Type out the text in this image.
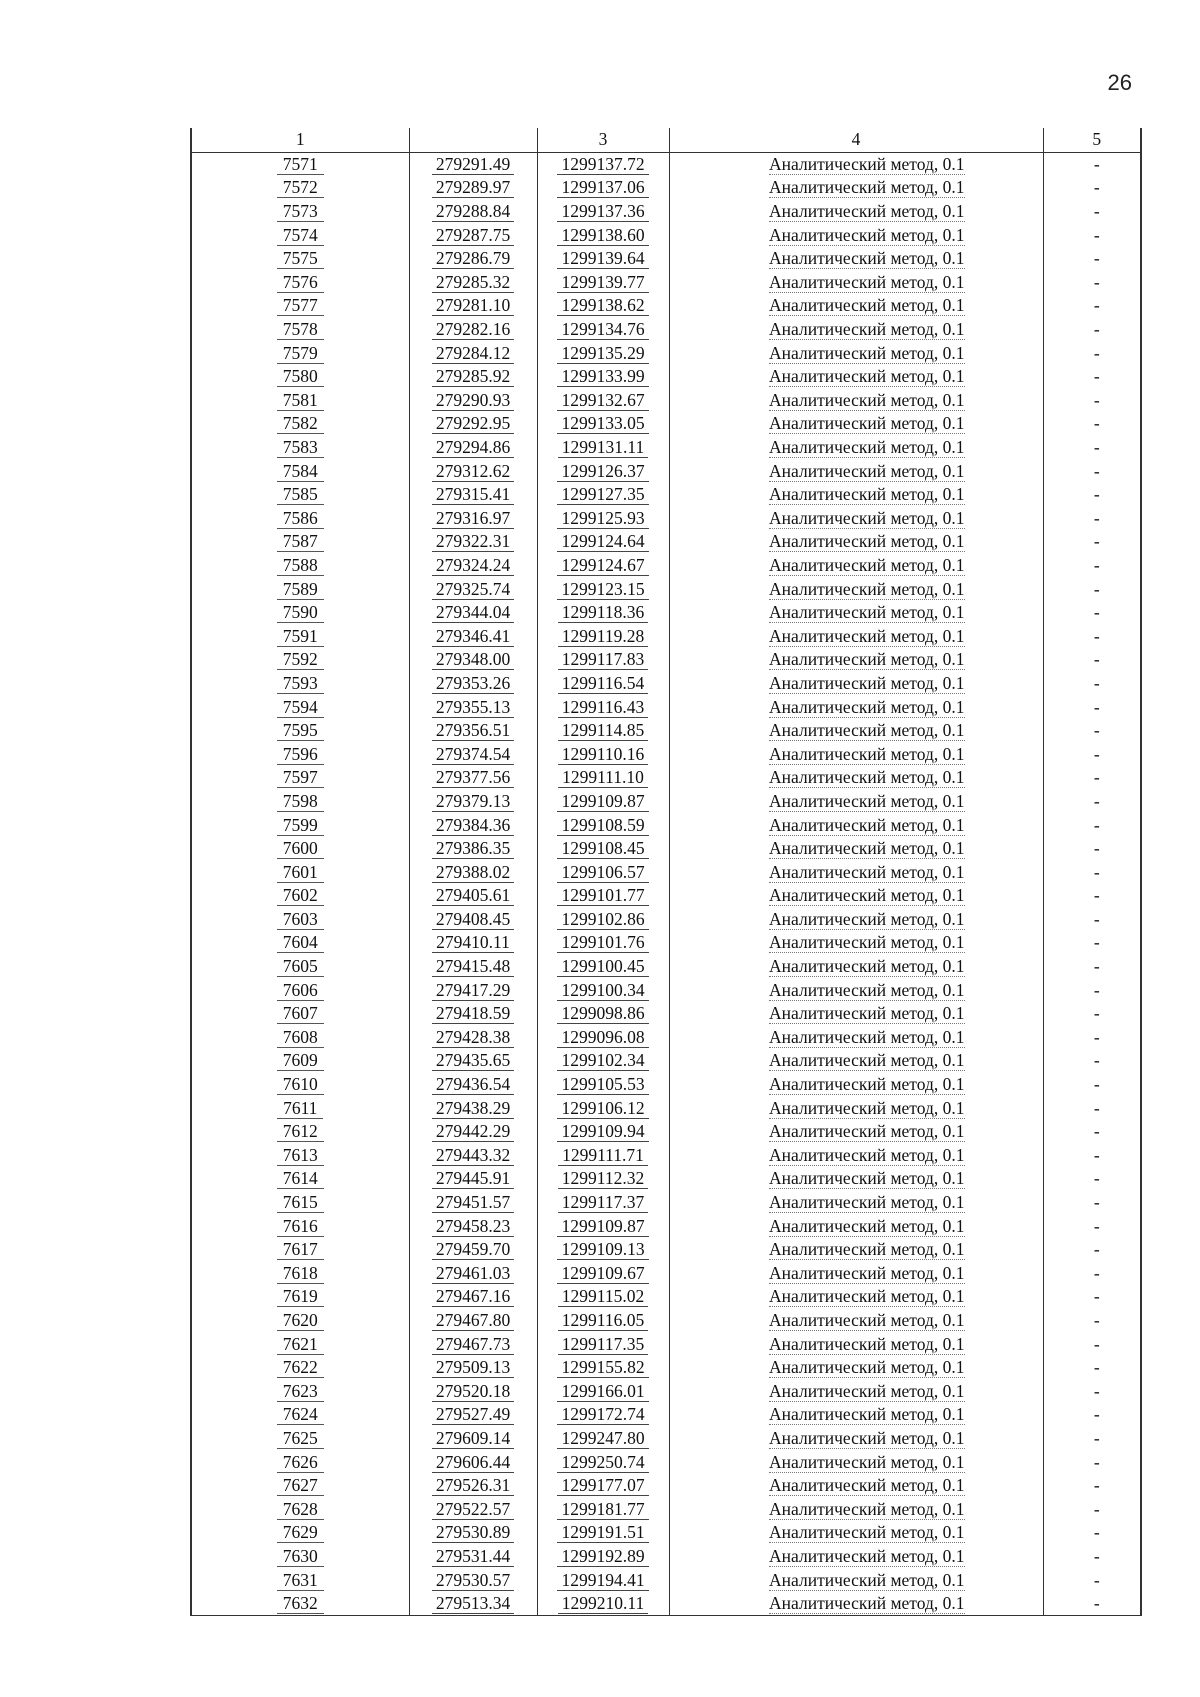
26
1		3	4	5
7571	279291.49	1299137.72	Аналитический метод, 0.1	-
7572	279289.97	1299137.06	Аналитический метод, 0.1	-
7573	279288.84	1299137.36	Аналитический метод, 0.1	-
7574	279287.75	1299138.60	Аналитический метод, 0.1	-
7575	279286.79	1299139.64	Аналитический метод, 0.1	-
7576	279285.32	1299139.77	Аналитический метод, 0.1	-
7577	279281.10	1299138.62	Аналитический метод, 0.1	-
7578	279282.16	1299134.76	Аналитический метод, 0.1	-
7579	279284.12	1299135.29	Аналитический метод, 0.1	-
7580	279285.92	1299133.99	Аналитический метод, 0.1	-
7581	279290.93	1299132.67	Аналитический метод, 0.1	-
7582	279292.95	1299133.05	Аналитический метод, 0.1	-
7583	279294.86	1299131.11	Аналитический метод, 0.1	-
7584	279312.62	1299126.37	Аналитический метод, 0.1	-
7585	279315.41	1299127.35	Аналитический метод, 0.1	-
7586	279316.97	1299125.93	Аналитический метод, 0.1	-
7587	279322.31	1299124.64	Аналитический метод, 0.1	-
7588	279324.24	1299124.67	Аналитический метод, 0.1	-
7589	279325.74	1299123.15	Аналитический метод, 0.1	-
7590	279344.04	1299118.36	Аналитический метод, 0.1	-
7591	279346.41	1299119.28	Аналитический метод, 0.1	-
7592	279348.00	1299117.83	Аналитический метод, 0.1	-
7593	279353.26	1299116.54	Аналитический метод, 0.1	-
7594	279355.13	1299116.43	Аналитический метод, 0.1	-
7595	279356.51	1299114.85	Аналитический метод, 0.1	-
7596	279374.54	1299110.16	Аналитический метод, 0.1	-
7597	279377.56	1299111.10	Аналитический метод, 0.1	-
7598	279379.13	1299109.87	Аналитический метод, 0.1	-
7599	279384.36	1299108.59	Аналитический метод, 0.1	-
7600	279386.35	1299108.45	Аналитический метод, 0.1	-
7601	279388.02	1299106.57	Аналитический метод, 0.1	-
7602	279405.61	1299101.77	Аналитический метод, 0.1	-
7603	279408.45	1299102.86	Аналитический метод, 0.1	-
7604	279410.11	1299101.76	Аналитический метод, 0.1	-
7605	279415.48	1299100.45	Аналитический метод, 0.1	-
7606	279417.29	1299100.34	Аналитический метод, 0.1	-
7607	279418.59	1299098.86	Аналитический метод, 0.1	-
7608	279428.38	1299096.08	Аналитический метод, 0.1	-
7609	279435.65	1299102.34	Аналитический метод, 0.1	-
7610	279436.54	1299105.53	Аналитический метод, 0.1	-
7611	279438.29	1299106.12	Аналитический метод, 0.1	-
7612	279442.29	1299109.94	Аналитический метод, 0.1	-
7613	279443.32	1299111.71	Аналитический метод, 0.1	-
7614	279445.91	1299112.32	Аналитический метод, 0.1	-
7615	279451.57	1299117.37	Аналитический метод, 0.1	-
7616	279458.23	1299109.87	Аналитический метод, 0.1	-
7617	279459.70	1299109.13	Аналитический метод, 0.1	-
7618	279461.03	1299109.67	Аналитический метод, 0.1	-
7619	279467.16	1299115.02	Аналитический метод, 0.1	-
7620	279467.80	1299116.05	Аналитический метод, 0.1	-
7621	279467.73	1299117.35	Аналитический метод, 0.1	-
7622	279509.13	1299155.82	Аналитический метод, 0.1	-
7623	279520.18	1299166.01	Аналитический метод, 0.1	-
7624	279527.49	1299172.74	Аналитический метод, 0.1	-
7625	279609.14	1299247.80	Аналитический метод, 0.1	-
7626	279606.44	1299250.74	Аналитический метод, 0.1	-
7627	279526.31	1299177.07	Аналитический метод, 0.1	-
7628	279522.57	1299181.77	Аналитический метод, 0.1	-
7629	279530.89	1299191.51	Аналитический метод, 0.1	-
7630	279531.44	1299192.89	Аналитический метод, 0.1	-
7631	279530.57	1299194.41	Аналитический метод, 0.1	-
7632	279513.34	1299210.11	Аналитический метод, 0.1	-
